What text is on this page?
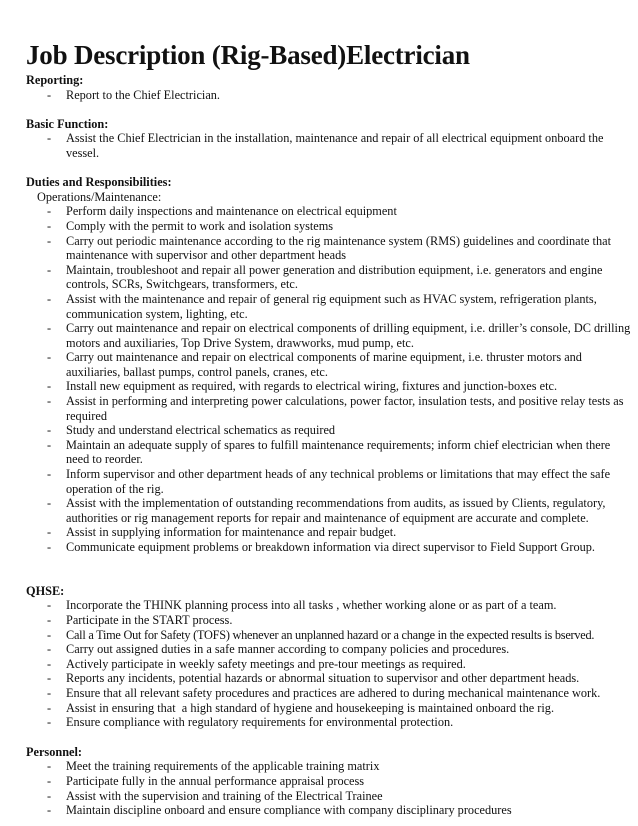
Job Description (Rig-Based)Electrician

Reporting:

- Report to the Chief Electrician.

Basic Function:

- Assist the Chief Electrician in the installation, maintenance and repair of all electrical equipment onboard the vessel.

Duties and Responsibilities:

Operations/Maintenance:

- Perform daily inspections and maintenance on electrical equipment
- Comply with the permit to work and isolation systems
- Carry out periodic maintenance according to the rig maintenance system (RMS) guidelines and coordinate that maintenance with supervisor and other department heads
- Maintain, troubleshoot and repair all power generation and distribution equipment, i.e. generators and engine controls, SCRs, Switchgears, transformers, etc.
- Assist with the maintenance and repair of general rig equipment such as HVAC system, refrigeration plants, communication system, lighting, etc.
- Carry out maintenance and repair on electrical components of drilling equipment, i.e. driller’s console, DC drilling motors and auxiliaries, Top Drive System, drawworks, mud pump, etc.
- Carry out maintenance and repair on electrical components of marine equipment, i.e. thruster motors and auxiliaries, ballast pumps, control panels, cranes, etc.
- Install new equipment as required, with regards to electrical wiring, fixtures and junction-boxes etc.
- Assist in performing and interpreting power calculations, power factor, insulation tests, and positive relay tests as required
- Study and understand electrical schematics as required
- Maintain an adequate supply of spares to fulfill maintenance requirements; inform chief electrician when there need to reorder.
- Inform supervisor and other department heads of any technical problems or limitations that may effect the safe operation of the rig.
- Assist with the implementation of outstanding recommendations from audits, as issued by Clients, regulatory, authorities or rig management reports for repair and maintenance of equipment are accurate and complete.
- Assist in supplying information for maintenance and repair budget.
- Communicate equipment problems or breakdown information via direct supervisor to Field Support Group.

QHSE:

- Incorporate the THINK planning process into all tasks , whether working alone or as part of a team.
- Participate in the START process.
- Call a Time Out for Safety (TOFS) whenever an unplanned hazard or a change in the expected results is bserved.
- Carry out assigned duties in a safe manner according to company policies and procedures.
- Actively participate in weekly safety meetings and pre-tour meetings as required.
- Reports any incidents, potential hazards or abnormal situation to supervisor and other department heads.
- Ensure that all relevant safety procedures and practices are adhered to during mechanical maintenance work.
- Assist in ensuring that  a high standard of hygiene and housekeeping is maintained onboard the rig.
- Ensure compliance with regulatory requirements for environmental protection.

Personnel:

- Meet the training requirements of the applicable training matrix
- Participate fully in the annual performance appraisal process
- Assist with the supervision and training of the Electrical Trainee
- Maintain discipline onboard and ensure compliance with company disciplinary procedures
